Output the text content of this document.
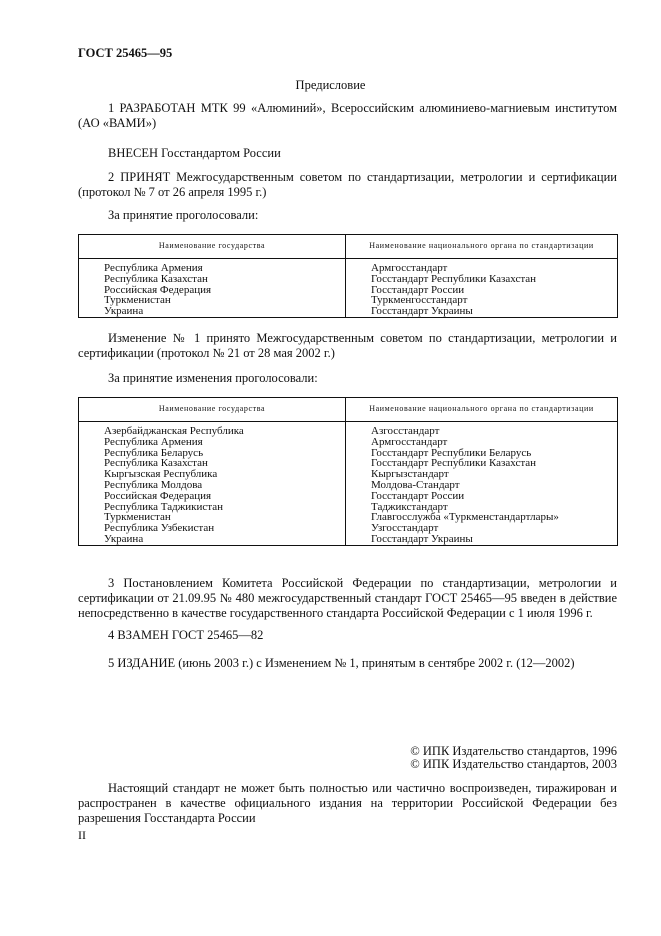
ГОСТ 25465—95
Предисловие
1 РАЗРАБОТАН МТК 99 «Алюминий», Всероссийским алюминиево-магниевым институтом (АО «ВАМИ»)
ВНЕСЕН Госстандартом России
2 ПРИНЯТ Межгосударственным советом по стандартизации, метрологии и сертификации (протокол № 7 от 26 апреля 1995 г.)
За принятие проголосовали:
Наименование государства	Наименование национального органа по стандартизации
Республика Армения	Армгосстандарт
Республика Казахстан	Госстандарт Республики Казахстан
Российская Федерация	Госстандарт России
Туркменистан	Туркменгосстандарт
Украина	Госстандарт Украины
Изменение № 1 принято Межгосударственным советом по стандартизации, метрологии и сертификации (протокол № 21 от 28 мая 2002 г.)
За принятие изменения проголосовали:
Наименование государства	Наименование национального органа по стандартизации
Азербайджанская Республика	Азгосстандарт
Республика Армения	Армгосстандарт
Республика Беларусь	Госстандарт Республики Беларусь
Республика Казахстан	Госстандарт Республики Казахстан
Кыргызская Республика	Кыргызстандарт
Республика Молдова	Молдова-Стандарт
Российская Федерация	Госстандарт России
Республика Таджикистан	Таджикстандарт
Туркменистан	Главгосслужба «Туркменстандартлары»
Республика Узбекистан	Узгосстандарт
Украина	Госстандарт Украины
3 Постановлением Комитета Российской Федерации по стандартизации, метрологии и сертификации от 21.09.95 № 480 межгосударственный стандарт ГОСТ 25465—95 введен в действие непосредственно в качестве государственного стандарта Российской Федерации с 1 июля 1996 г.
4 ВЗАМЕН ГОСТ 25465—82
5 ИЗДАНИЕ (июнь 2003 г.) с Изменением № 1, принятым в сентябре 2002 г. (12—2002)
© ИПК Издательство стандартов, 1996
© ИПК Издательство стандартов, 2003
Настоящий стандарт не может быть полностью или частично воспроизведен, тиражирован и распространен в качестве официального издания на территории Российской Федерации без разрешения Госстандарта России
II
